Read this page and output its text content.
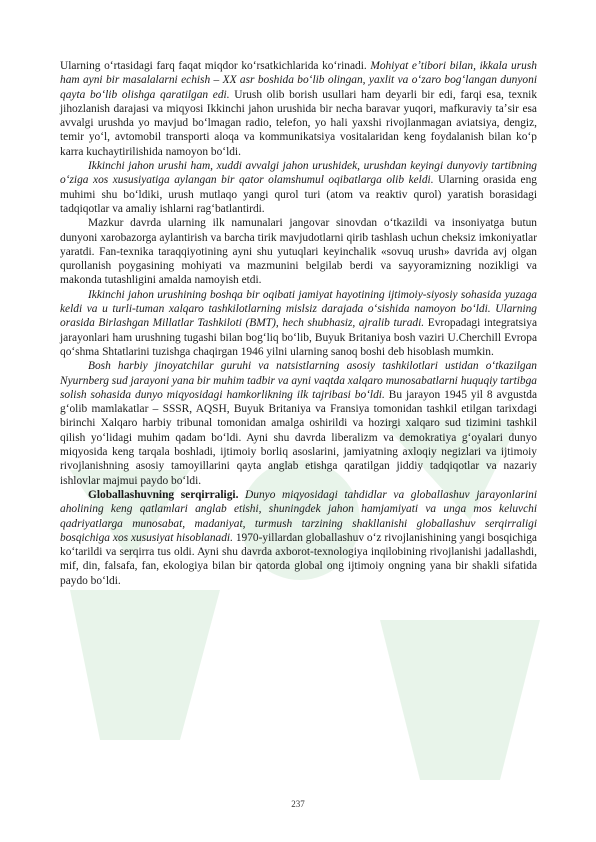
Ularning oʻrtasidagi farq faqat miqdor koʻrsatkichlarida koʻrinadi. Mohiyat eʼtibori bilan, ikkala urush ham ayni bir masalalarni echish – XX asr boshida boʻlib olingan, yaxlit va oʻzaro bogʻlangan dunyoni qayta boʻlib olishga qaratilgan edi. Urush olib borish usullari ham deyarli bir edi, farqi esa, texnik jihozlanish darajasi va miqyosi Ikkinchi jahon urushida bir necha baravar yuqori, mafkuraviy taʼsir esa avvalgi urushda yo mavjud boʻlmagan radio, telefon, yo hali yaxshi rivojlanmagan aviatsiya, dengiz, temir yoʻl, avtomobil transporti aloqa va kommunikatsiya vositalaridan keng foydalanish bilan koʻp karra kuchaytirilishida namoyon boʻldi.

Ikkinchi jahon urushi ham, xuddi avvalgi jahon urushidek, urushdan keyingi dunyoviy tartibning oʻziga xos xususiyatiga aylangan bir qator olamshumul oqibatlarga olib keldi. Ularning orasida eng muhimi shu boʻldiki, urush mutlaqo yangi qurol turi (atom va reaktiv qurol) yaratish borasidagi tadqiqotlar va amaliy ishlarni ragʻbatlantirdi.

Mazkur davrda ularning ilk namunalari jangovar sinovdan oʻtkazildi va insoniyatga butun dunyoni xarobazorga aylantirish va barcha tirik mavjudotlarni qirib tashlash uchun cheksiz imkoniyatlar yaratdi. Fan-texnika taraqqiyotining ayni shu yutuqlari keyinchalik «sovuq urush» davrida avj olgan qurollanish poygasining mohiyati va mazmunini belgilab berdi va sayyoramizning nozikligi va makonda tutashligini amalda namoyish etdi.

Ikkinchi jahon urushining boshqa bir oqibati jamiyat hayotining ijtimoiy-siyosiy sohasida yuzaga keldi va u turli-tuman xalqaro tashkilotlarning mislsiz darajada oʻsishida namoyon boʻldi. Ularning orasida Birlashgan Millatlar Tashkiloti (BMT), hech shubhasiz, ajralib turadi. Evropadagi integratsiya jarayonlari ham urushning tugashi bilan bogʻliq boʻlib, Buyuk Britaniya bosh vaziri U.Cherchill Evropa qoʻshma Shtatlarini tuzishga chaqirgan 1946 yilni ularning sanoq boshi deb hisoblash mumkin.

Bosh harbiy jinoyatchilar guruhi va natsistlarning asosiy tashkilotlari ustidan oʻtkazilgan Nyurnberg sud jarayoni yana bir muhim tadbir va ayni vaqtda xalqaro munosabatlarni huquqiy tartibga solish sohasida dunyo miqyosidagi hamkorlikning ilk tajribasi boʻldi. Bu jarayon 1945 yil 8 avgustda gʻolib mamlakatlar – SSSR, AQSH, Buyuk Britaniya va Fransiya tomonidan tashkil etilgan tarixdagi birinchi Xalqaro harbiy tribunal tomonidan amalga oshirildi va hozirgi xalqaro sud tizimini tashkil qilish yoʻlidagi muhim qadam boʻldi. Ayni shu davrda liberalizm va demokratiya gʻoyalari dunyo miqyosida keng tarqala boshladi, ijtimoiy borliq asoslarini, jamiyatning axloqiy negizlari va ijtimoiy rivojlanishning asosiy tamoyillarini qayta anglab etishga qaratilgan jiddiy tadqiqotlar va nazariy ishlovlar majmui paydo boʻldi.

Globallashuvning serqirraligi. Dunyo miqyosidagi tahdidlar va globallashuv jarayonlarini aholining keng qatlamlari anglab etishi, shuningdek jahon hamjamiyati va unga mos keluvchi qadriyatlarga munosabat, madaniyat, turmush tarzining shakllanishi globallashuv serqirraligi bosqichiga xos xususiyat hisoblanadi. 1970-yillardan globallashuv oʻz rivojlanishining yangi bosqichiga koʻtarildi va serqirra tus oldi. Ayni shu davrda axborot-texnologiya inqilobining rivojlanishi jadallashdi, mif, din, falsafa, fan, ekologiya bilan bir qatorda global ong ijtimoiy ongning yana bir shakli sifatida paydo boʻldi.

237
